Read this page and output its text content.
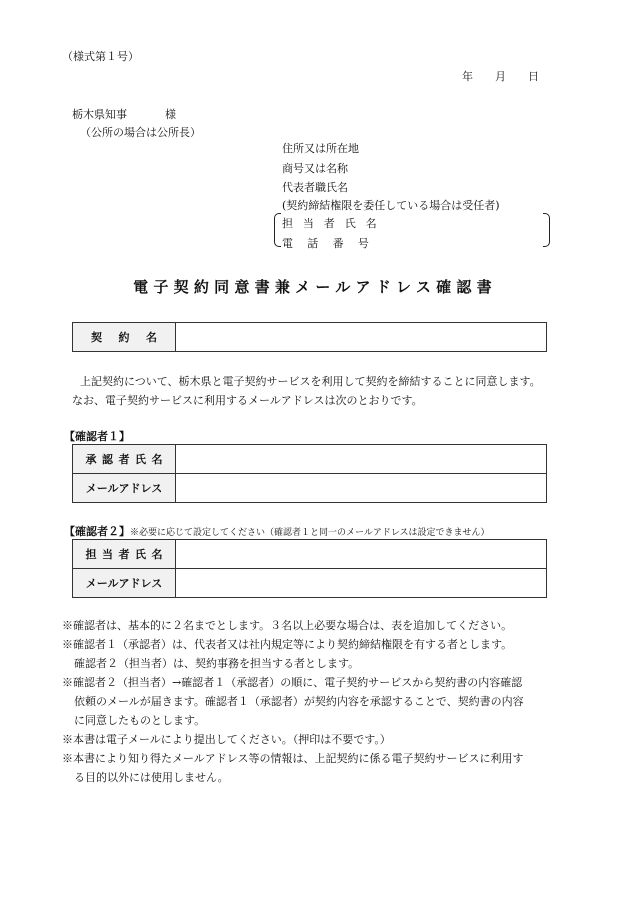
（様式第１号）
年 月 日
栃木県知事	様
（公所の場合は公所長）
住所又は所在地
商号又は名称
代表者職氏名
(契約締結権限を委任している場合は受任者)
担当者氏名
電話番号
電子契約同意書兼メールアドレス確認書
契約名	
上記契約について、栃木県と電子契約サービスを利用して契約を締結することに同意します。
なお、電子契約サービスに利用するメールアドレスは次のとおりです。
【確認者１】
承認者氏名	
メールアドレス	
【確認者２】※必要に応じて設定してください（確認者１と同一のメールアドレスは設定できません）
担当者氏名	
メールアドレス	
※確認者は、基本的に２名までとします。３名以上必要な場合は、表を追加してください。
※確認者１（承認者）は、代表者又は社内規定等により契約締結権限を有する者とします。
確認者２（担当者）は、契約事務を担当する者とします。
※確認者２（担当者）→確認者１（承認者）の順に、電子契約サービスから契約書の内容確認
依頼のメールが届きます。確認者１（承認者）が契約内容を承認することで、契約書の内容
に同意したものとします。
※本書は電子メールにより提出してください。（押印は不要です。）
※本書により知り得たメールアドレス等の情報は、上記契約に係る電子契約サービスに利用す
る目的以外には使用しません。
